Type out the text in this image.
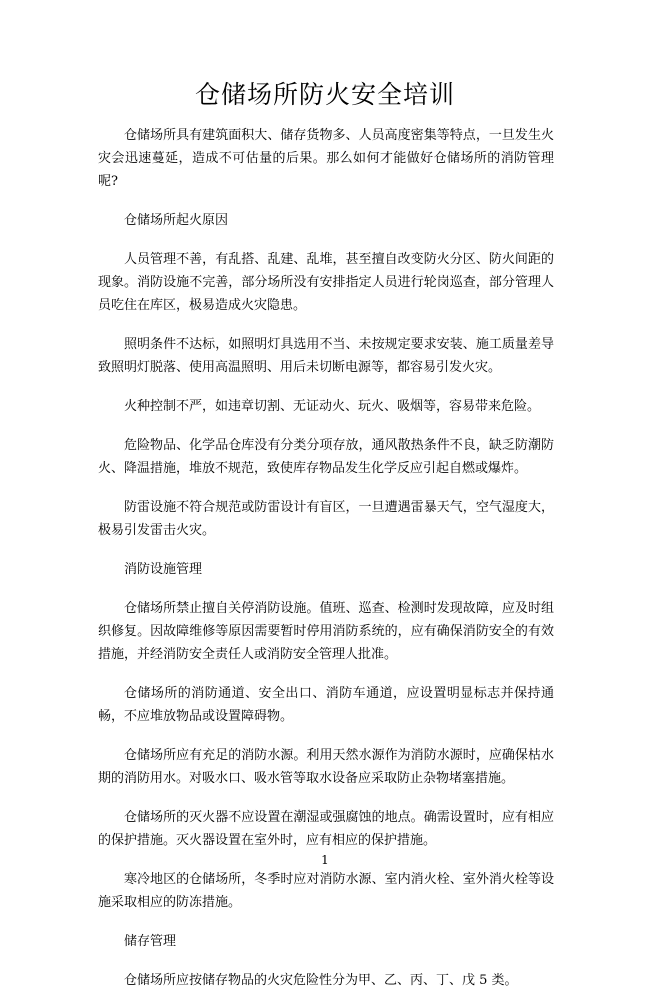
仓储场所防火安全培训

仓储场所具有建筑面积大、储存货物多、人员高度密集等特点，一旦发生火灾会迅速蔓延，造成不可估量的后果。那么如何才能做好仓储场所的消防管理呢?

仓储场所起火原因

人员管理不善，有乱搭、乱建、乱堆，甚至擅自改变防火分区、防火间距的现象。消防设施不完善，部分场所没有安排指定人员进行轮岗巡查，部分管理人员吃住在库区，极易造成火灾隐患。

照明条件不达标，如照明灯具选用不当、未按规定要求安装、施工质量差导致照明灯脱落、使用高温照明、用后未切断电源等，都容易引发火灾。

火种控制不严，如违章切割、无证动火、玩火、吸烟等，容易带来危险。

危险物品、化学品仓库没有分类分项存放，通风散热条件不良，缺乏防潮防火、降温措施，堆放不规范，致使库存物品发生化学反应引起自燃或爆炸。

防雷设施不符合规范或防雷设计有盲区，一旦遭遇雷暴天气，空气湿度大，极易引发雷击火灾。

消防设施管理

仓储场所禁止擅自关停消防设施。值班、巡查、检测时发现故障，应及时组织修复。因故障维修等原因需要暂时停用消防系统的，应有确保消防安全的有效措施，并经消防安全责任人或消防安全管理人批准。

仓储场所的消防通道、安全出口、消防车通道，应设置明显标志并保持通畅，不应堆放物品或设置障碍物。

仓储场所应有充足的消防水源。利用天然水源作为消防水源时，应确保枯水期的消防用水。对吸水口、吸水管等取水设备应采取防止杂物堵塞措施。

仓储场所的灭火器不应设置在潮湿或强腐蚀的地点。确需设置时，应有相应的保护措施。灭火器设置在室外时，应有相应的保护措施。

寒冷地区的仓储场所，冬季时应对消防水源、室内消火栓、室外消火栓等设施采取相应的防冻措施。

储存管理

仓储场所应按储存物品的火灾危险性分为甲、乙、丙、丁、戊 5 类。

1
